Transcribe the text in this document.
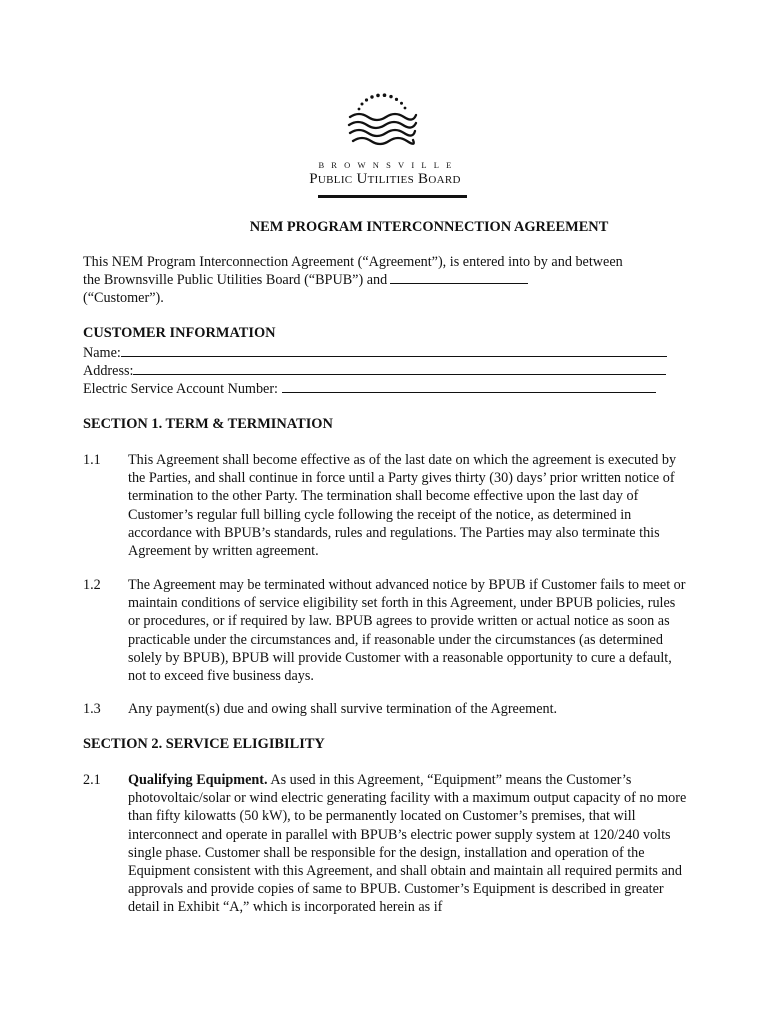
BROWNSVILLE
Public Utilities Board
NEM PROGRAM INTERCONNECTION AGREEMENT
This NEM Program Interconnection Agreement (“Agreement”), is entered into by and between the Brownsville Public Utilities Board (“BPUB”) and
(“Customer”).
CUSTOMER INFORMATION
Name:
Address:
Electric Service Account Number:
SECTION 1. TERM & TERMINATION
1.1 This Agreement shall become effective as of the last date on which the agreement is executed by the Parties, and shall continue in force until a Party gives thirty (30) days’ prior written notice of termination to the other Party. The termination shall become effective upon the last day of Customer’s regular full billing cycle following the receipt of the notice, as determined in accordance with BPUB’s standards, rules and regulations. The Parties may also terminate this Agreement by written agreement.
1.2 The Agreement may be terminated without advanced notice by BPUB if Customer fails to meet or maintain conditions of service eligibility set forth in this Agreement, under BPUB policies, rules or procedures, or if required by law. BPUB agrees to provide written or actual notice as soon as practicable under the circumstances and, if reasonable under the circumstances (as determined solely by BPUB), BPUB will provide Customer with a reasonable opportunity to cure a default, not to exceed five business days.
1.3 Any payment(s) due and owing shall survive termination of the Agreement.
SECTION 2. SERVICE ELIGIBILITY
2.1 Qualifying Equipment. As used in this Agreement, “Equipment” means the Customer’s photovoltaic/solar or wind electric generating facility with a maximum output capacity of no more than fifty kilowatts (50 kW), to be permanently located on Customer’s premises, that will interconnect and operate in parallel with BPUB’s electric power supply system at 120/240 volts single phase. Customer shall be responsible for the design, installation and operation of the Equipment consistent with this Agreement, and shall obtain and maintain all required permits and approvals and provide copies of same to BPUB. Customer’s Equipment is described in greater detail in Exhibit “A,” which is incorporated herein as if
